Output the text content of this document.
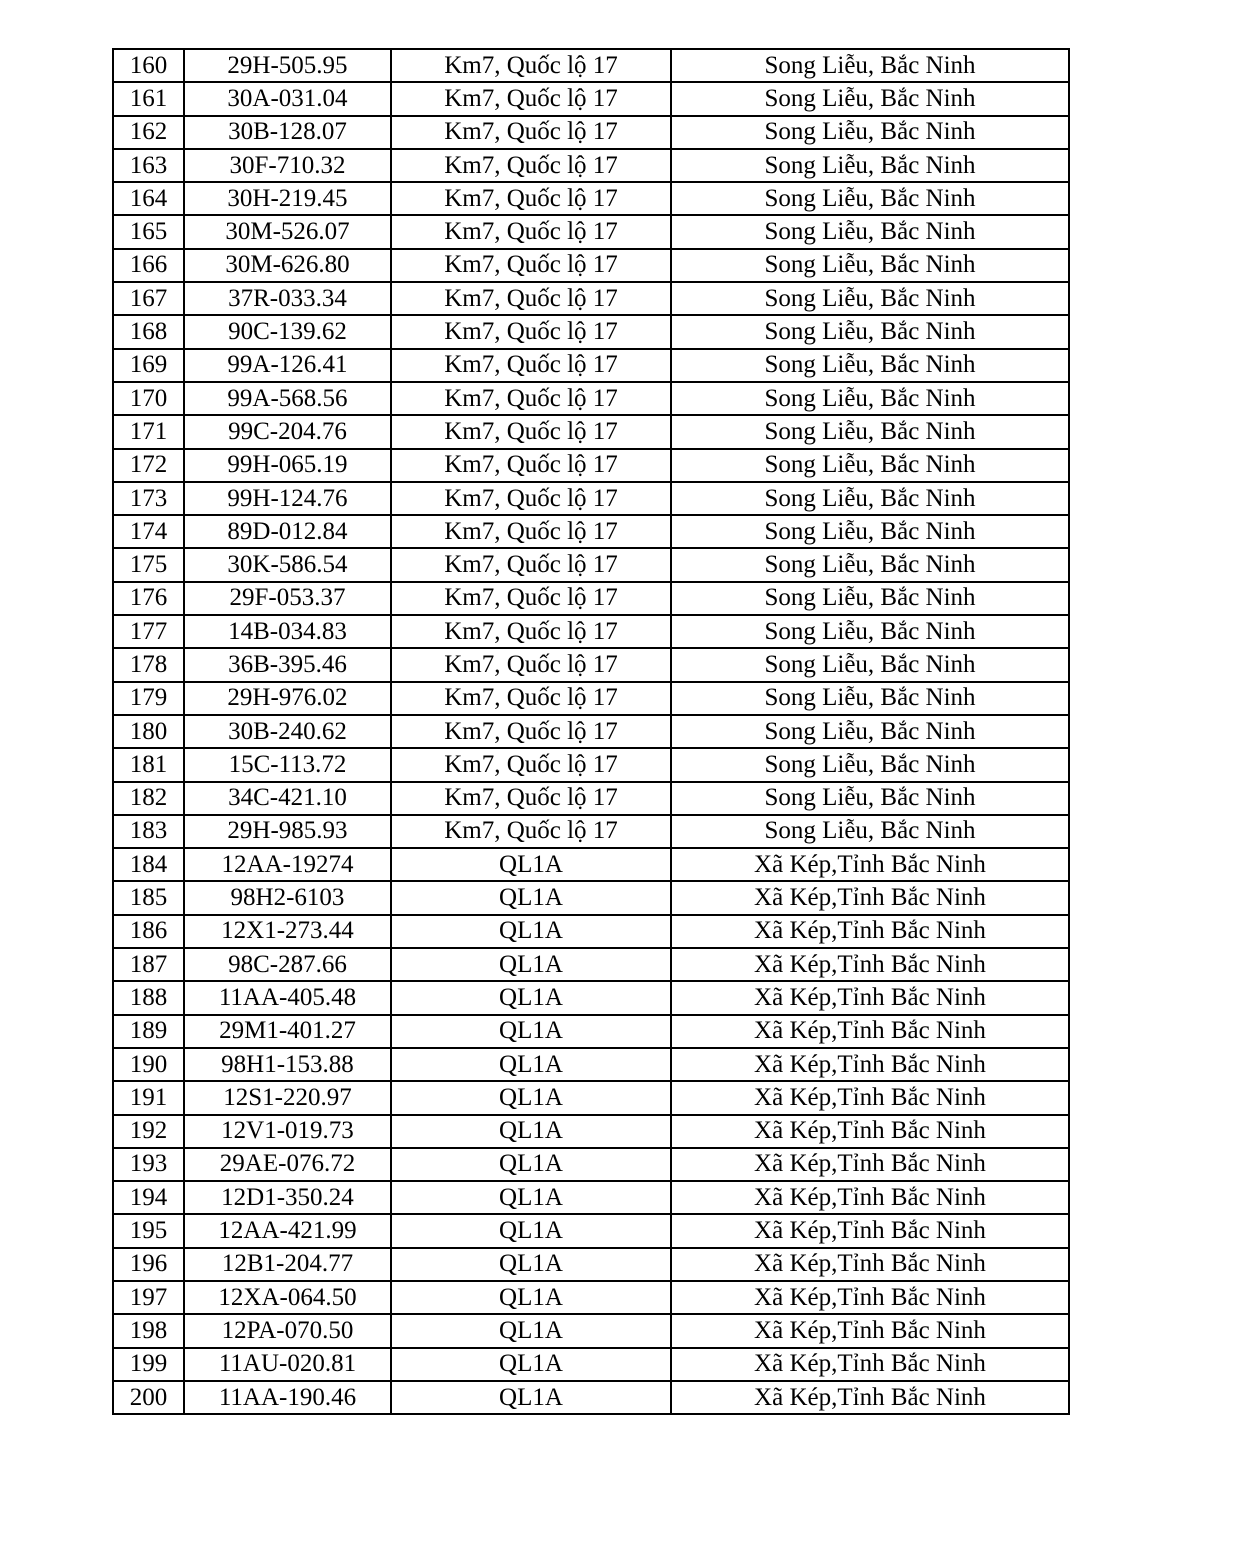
160	29H-505.95	Km7, Quốc lộ 17	Song Liễu, Bắc Ninh
161	30A-031.04	Km7, Quốc lộ 17	Song Liễu, Bắc Ninh
162	30B-128.07	Km7, Quốc lộ 17	Song Liễu, Bắc Ninh
163	30F-710.32	Km7, Quốc lộ 17	Song Liễu, Bắc Ninh
164	30H-219.45	Km7, Quốc lộ 17	Song Liễu, Bắc Ninh
165	30M-526.07	Km7, Quốc lộ 17	Song Liễu, Bắc Ninh
166	30M-626.80	Km7, Quốc lộ 17	Song Liễu, Bắc Ninh
167	37R-033.34	Km7, Quốc lộ 17	Song Liễu, Bắc Ninh
168	90C-139.62	Km7, Quốc lộ 17	Song Liễu, Bắc Ninh
169	99A-126.41	Km7, Quốc lộ 17	Song Liễu, Bắc Ninh
170	99A-568.56	Km7, Quốc lộ 17	Song Liễu, Bắc Ninh
171	99C-204.76	Km7, Quốc lộ 17	Song Liễu, Bắc Ninh
172	99H-065.19	Km7, Quốc lộ 17	Song Liễu, Bắc Ninh
173	99H-124.76	Km7, Quốc lộ 17	Song Liễu, Bắc Ninh
174	89D-012.84	Km7, Quốc lộ 17	Song Liễu, Bắc Ninh
175	30K-586.54	Km7, Quốc lộ 17	Song Liễu, Bắc Ninh
176	29F-053.37	Km7, Quốc lộ 17	Song Liễu, Bắc Ninh
177	14B-034.83	Km7, Quốc lộ 17	Song Liễu, Bắc Ninh
178	36B-395.46	Km7, Quốc lộ 17	Song Liễu, Bắc Ninh
179	29H-976.02	Km7, Quốc lộ 17	Song Liễu, Bắc Ninh
180	30B-240.62	Km7, Quốc lộ 17	Song Liễu, Bắc Ninh
181	15C-113.72	Km7, Quốc lộ 17	Song Liễu, Bắc Ninh
182	34C-421.10	Km7, Quốc lộ 17	Song Liễu, Bắc Ninh
183	29H-985.93	Km7, Quốc lộ 17	Song Liễu, Bắc Ninh
184	12AA-19274	QL1A	Xã Kép,Tỉnh Bắc Ninh
185	98H2-6103	QL1A	Xã Kép,Tỉnh Bắc Ninh
186	12X1-273.44	QL1A	Xã Kép,Tỉnh Bắc Ninh
187	98C-287.66	QL1A	Xã Kép,Tỉnh Bắc Ninh
188	11AA-405.48	QL1A	Xã Kép,Tỉnh Bắc Ninh
189	29M1-401.27	QL1A	Xã Kép,Tỉnh Bắc Ninh
190	98H1-153.88	QL1A	Xã Kép,Tỉnh Bắc Ninh
191	12S1-220.97	QL1A	Xã Kép,Tỉnh Bắc Ninh
192	12V1-019.73	QL1A	Xã Kép,Tỉnh Bắc Ninh
193	29AE-076.72	QL1A	Xã Kép,Tỉnh Bắc Ninh
194	12D1-350.24	QL1A	Xã Kép,Tỉnh Bắc Ninh
195	12AA-421.99	QL1A	Xã Kép,Tỉnh Bắc Ninh
196	12B1-204.77	QL1A	Xã Kép,Tỉnh Bắc Ninh
197	12XA-064.50	QL1A	Xã Kép,Tỉnh Bắc Ninh
198	12PA-070.50	QL1A	Xã Kép,Tỉnh Bắc Ninh
199	11AU-020.81	QL1A	Xã Kép,Tỉnh Bắc Ninh
200	11AA-190.46	QL1A	Xã Kép,Tỉnh Bắc Ninh
